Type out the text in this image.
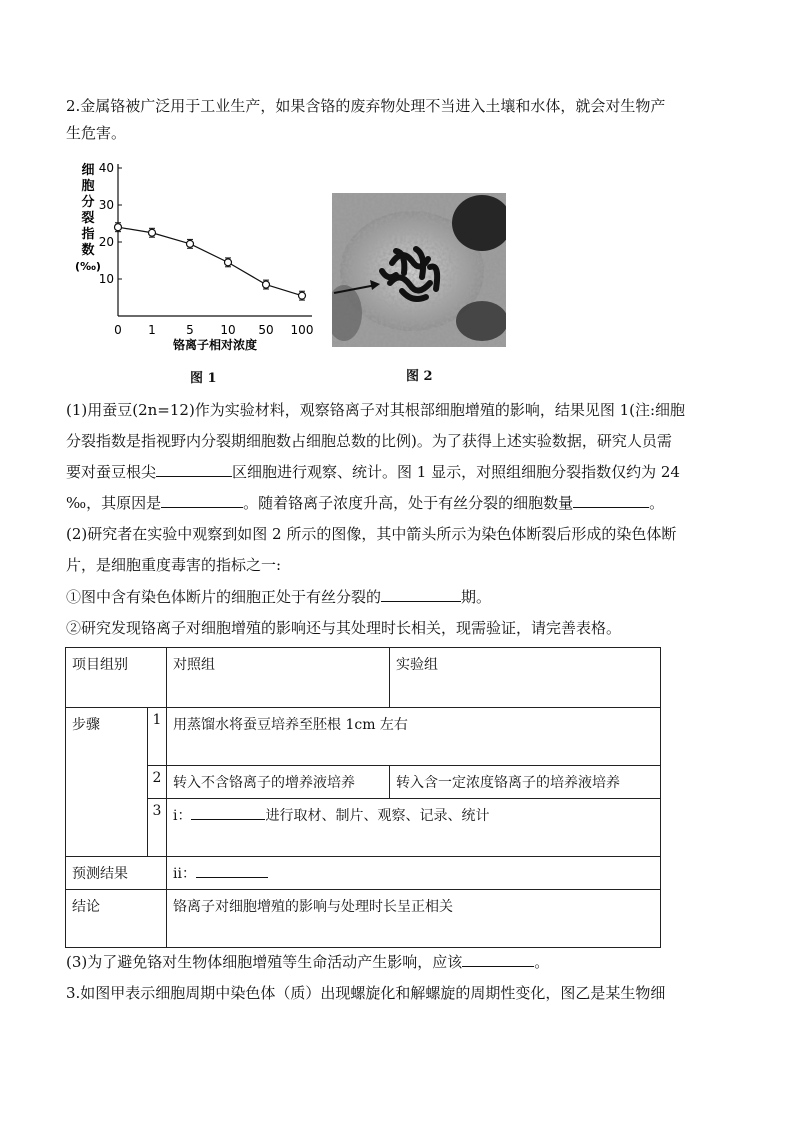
2.金属铬被广泛用于工业生产，如果含铬的废弃物处理不当进入土壤和水体，就会对生物产

生危害。

细
胞
分
裂
指
数
(‰)
10
20
30
40
0 1	5 10 50 100
铬离子相对浓度
图 1	图 2

(1)用蚕豆(2n=12)作为实验材料，观察铬离子对其根部细胞增殖的影响，结果见图 1(注:细胞

分裂指数是指视野内分裂期细胞数占细胞总数的比例)。为了获得上述实验数据，研究人员需

要对蚕豆根尖	区细胞进行观察、统计。图 1 显示，对照组细胞分裂指数仅约为 24

‰，其原因是	。随着铬离子浓度升高，处于有丝分裂的细胞数量	。

(2)研究者在实验中观察到如图 2 所示的图像，其中箭头所示为染色体断裂后形成的染色体断

片，是细胞重度毒害的指标之一:

①图中含有染色体断片的细胞正处于有丝分裂的	期。

②研究发现铬离子对细胞增殖的影响还与其处理时长相关，现需验证，请完善表格。

项目组别		对照组	实验组
步骤	1	用蒸馏水将蚕豆培养至胚根 1cm 左右	
	2	转入不含铬离子的增养液培养	转入含一定浓度铬离子的培养液培养
	3	i： 进行取材、制片、观察、记录、统计	
预测结果		ii：	
结论		铬离子对细胞增殖的影响与处理时长呈正相关	

(3)为了避免铬对生物体细胞增殖等生命活动产生影响，应该	。

3.如图甲表示细胞周期中染色体（质）出现螺旋化和解螺旋的周期性变化，图乙是某生物细
